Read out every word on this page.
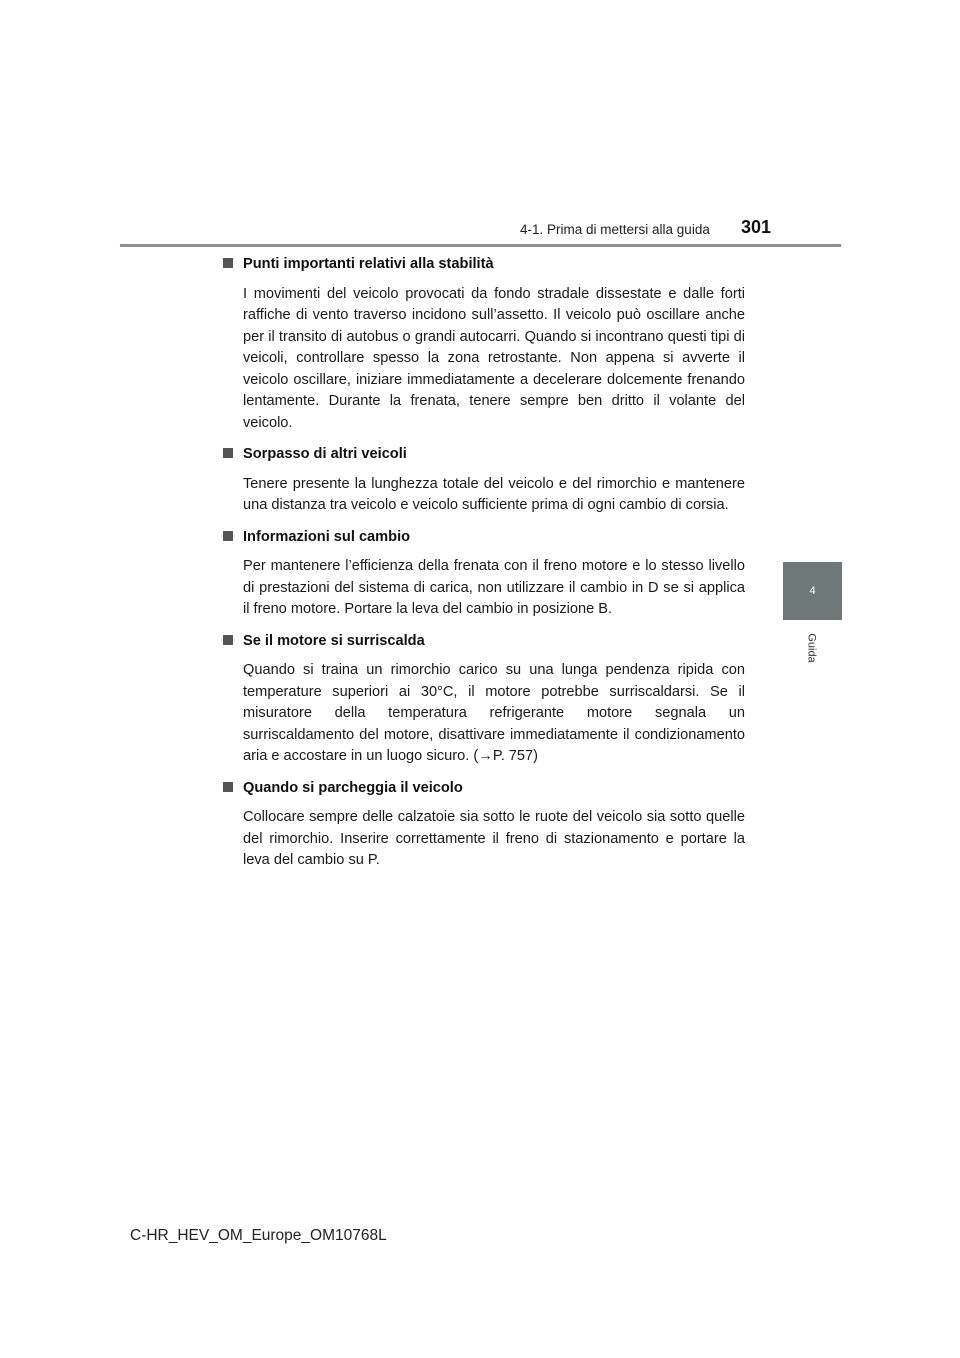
4-1. Prima di mettersi alla guida 301
4
Guida
Punti importanti relativi alla stabilità
I movimenti del veicolo provocati da fondo stradale dissestate e dalle forti raffiche di vento traverso incidono sull’assetto. Il veicolo può oscillare anche per il transito di autobus o grandi autocarri. Quando si incontrano questi tipi di veicoli, controllare spesso la zona retrostante. Non appena si avverte il veicolo oscillare, iniziare immediatamente a decelerare dolcemente frenando lentamente. Durante la frenata, tenere sempre ben dritto il volante del veicolo.
Sorpasso di altri veicoli
Tenere presente la lunghezza totale del veicolo e del rimorchio e mantenere una distanza tra veicolo e veicolo sufficiente prima di ogni cambio di corsia.
Informazioni sul cambio
Per mantenere l’efficienza della frenata con il freno motore e lo stesso livello di prestazioni del sistema di carica, non utilizzare il cambio in D se si applica il freno motore. Portare la leva del cambio in posizione B.
Se il motore si surriscalda
Quando si traina un rimorchio carico su una lunga pendenza ripida con temperature superiori ai 30°C, il motore potrebbe surriscaldarsi. Se il misuratore della temperatura refrigerante motore segnala un surriscaldamento del motore, disattivare immediatamente il condizionamento aria e accostare in un luogo sicuro. (→P. 757)
Quando si parcheggia il veicolo
Collocare sempre delle calzatoie sia sotto le ruote del veicolo sia sotto quelle del rimorchio. Inserire correttamente il freno di stazionamento e portare la leva del cambio su P.
C-HR_HEV_OM_Europe_OM10768L
